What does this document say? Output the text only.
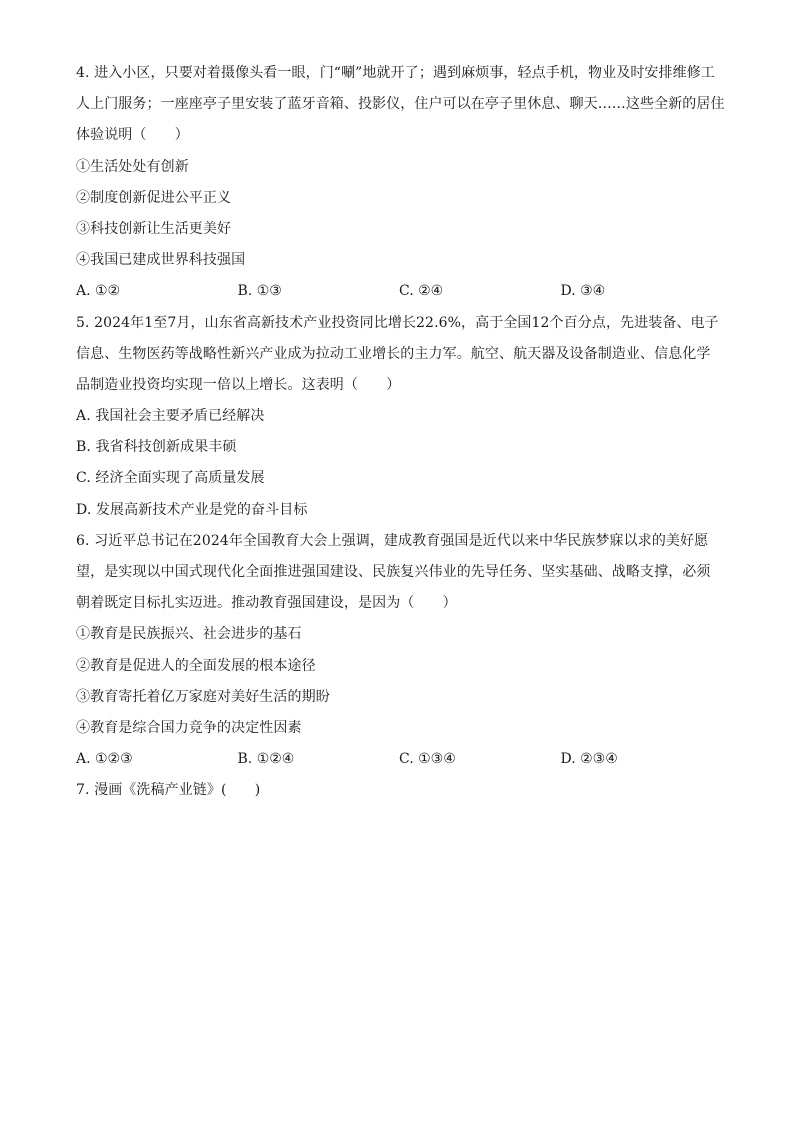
4. 进入小区，只要对着摄像头看一眼，门“唰”地就开了；遇到麻烦事，轻点手机，物业及时安排维修工
人上门服务；一座座亭子里安装了蓝牙音箱、投影仪，住户可以在亭子里休息、聊天……这些全新的居住
体验说明（　　）
①生活处处有创新
②制度创新促进公平正义
③科技创新让生活更美好
④我国已建成世界科技强国
A. ①②	B. ①③	C. ②④	D. ③④
5. 2024年1至7月，山东省高新技术产业投资同比增长22.6%，高于全国12个百分点，先进装备、电子
信息、生物医药等战略性新兴产业成为拉动工业增长的主力军。航空、航天器及设备制造业、信息化学
品制造业投资均实现一倍以上增长。这表明（　　）
A. 我国社会主要矛盾已经解决
B. 我省科技创新成果丰硕
C. 经济全面实现了高质量发展
D. 发展高新技术产业是党的奋斗目标
6. 习近平总书记在2024年全国教育大会上强调，建成教育强国是近代以来中华民族梦寐以求的美好愿
望，是实现以中国式现代化全面推进强国建设、民族复兴伟业的先导任务、坚实基础、战略支撑，必须
朝着既定目标扎实迈进。推动教育强国建设，是因为（　　）
①教育是民族振兴、社会进步的基石
②教育是促进人的全面发展的根本途径
③教育寄托着亿万家庭对美好生活的期盼
④教育是综合国力竞争的决定性因素
A. ①②③	B. ①②④	C. ①③④	D. ②③④
7. 漫画《洗稿产业链》(　　)
